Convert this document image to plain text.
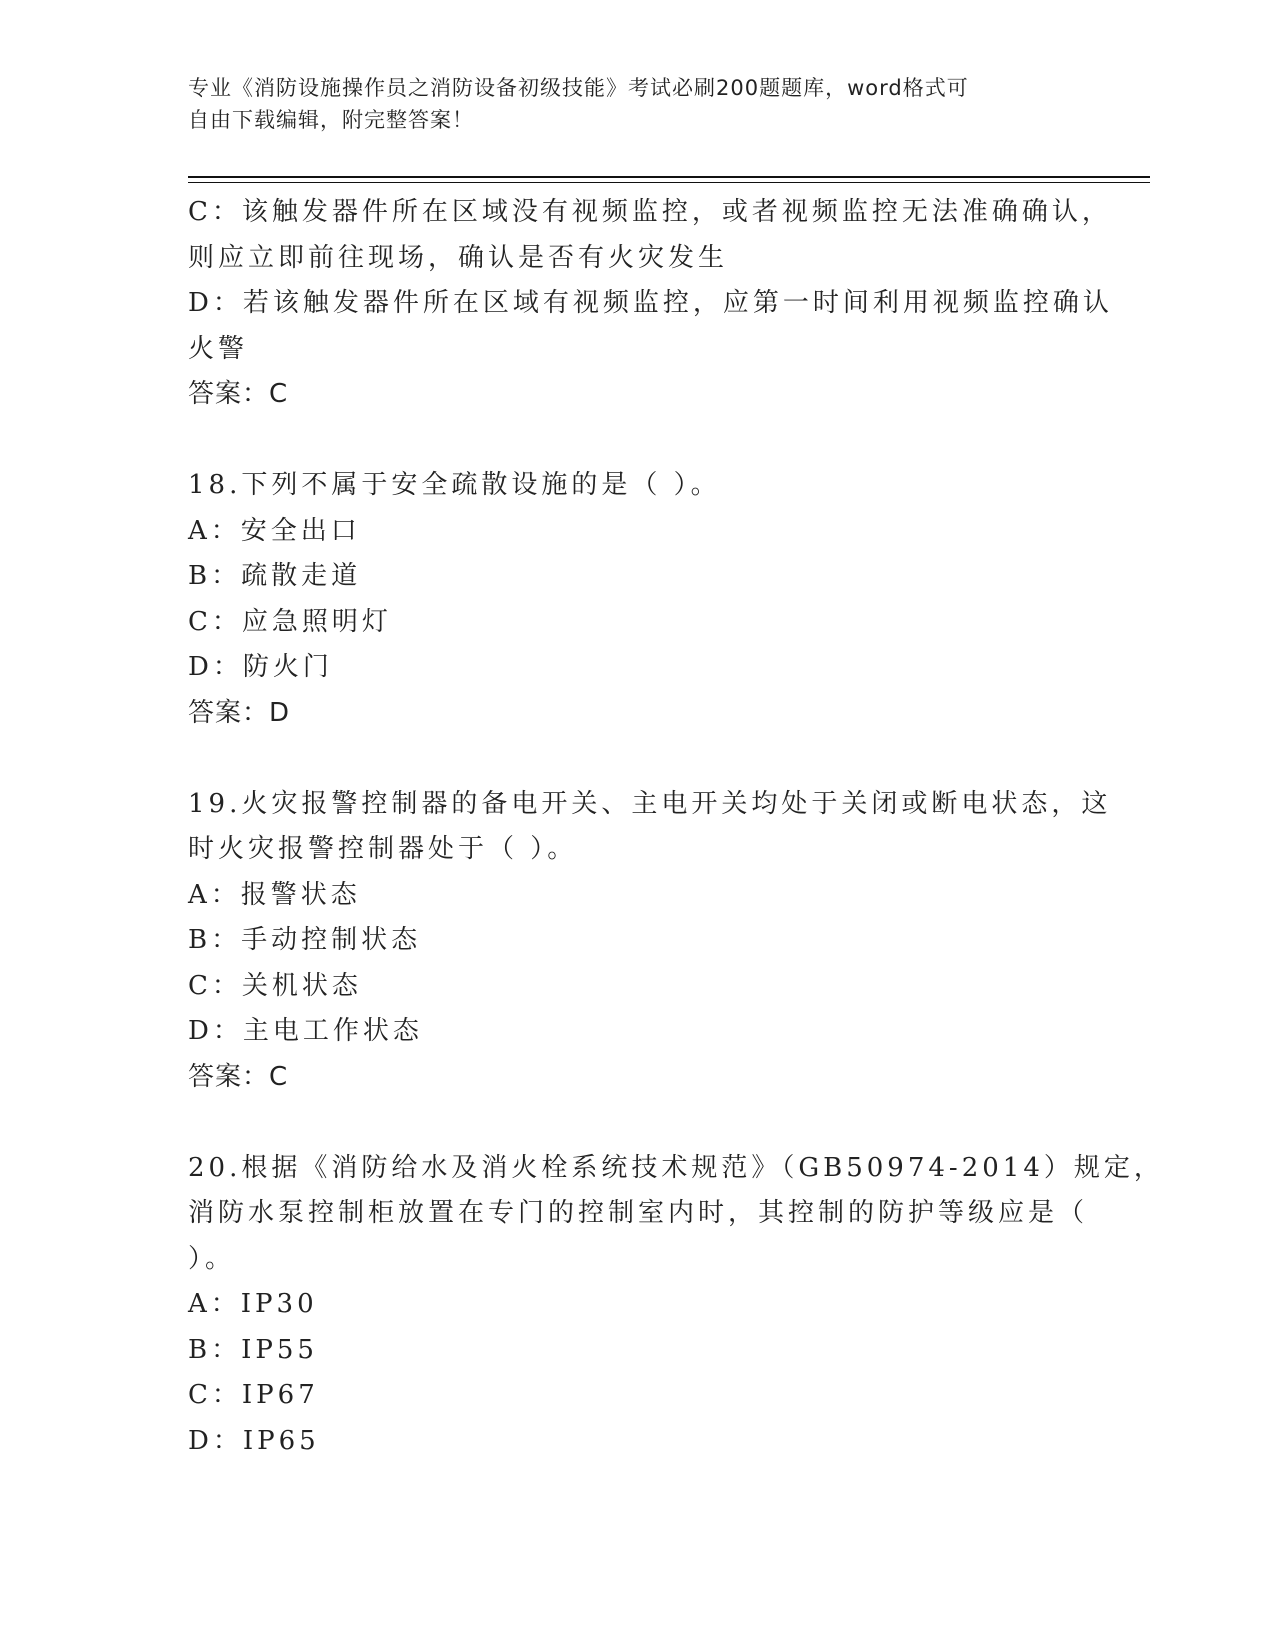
专业《消防设施操作员之消防设备初级技能》考试必刷200题题库，word格式可
自由下载编辑，附完整答案！
C：该触发器件所在区域没有视频监控，或者视频监控无法准确确认，
则应立即前往现场，确认是否有火灾发生
D：若该触发器件所在区域有视频监控，应第一时间利用视频监控确认
火警
答案：C
18.下列不属于安全疏散设施的是（ ）。
A：安全出口
B：疏散走道
C：应急照明灯
D：防火门
答案：D
19.火灾报警控制器的备电开关、主电开关均处于关闭或断电状态，这
时火灾报警控制器处于（ ）。
A：报警状态
B：手动控制状态
C：关机状态
D：主电工作状态
答案：C
20.根据《消防给水及消火栓系统技术规范》（GB50974-2014）规定，
消防水泵控制柜放置在专门的控制室内时，其控制的防护等级应是（
）。
A：IP30
B：IP55
C：IP67
D：IP65
